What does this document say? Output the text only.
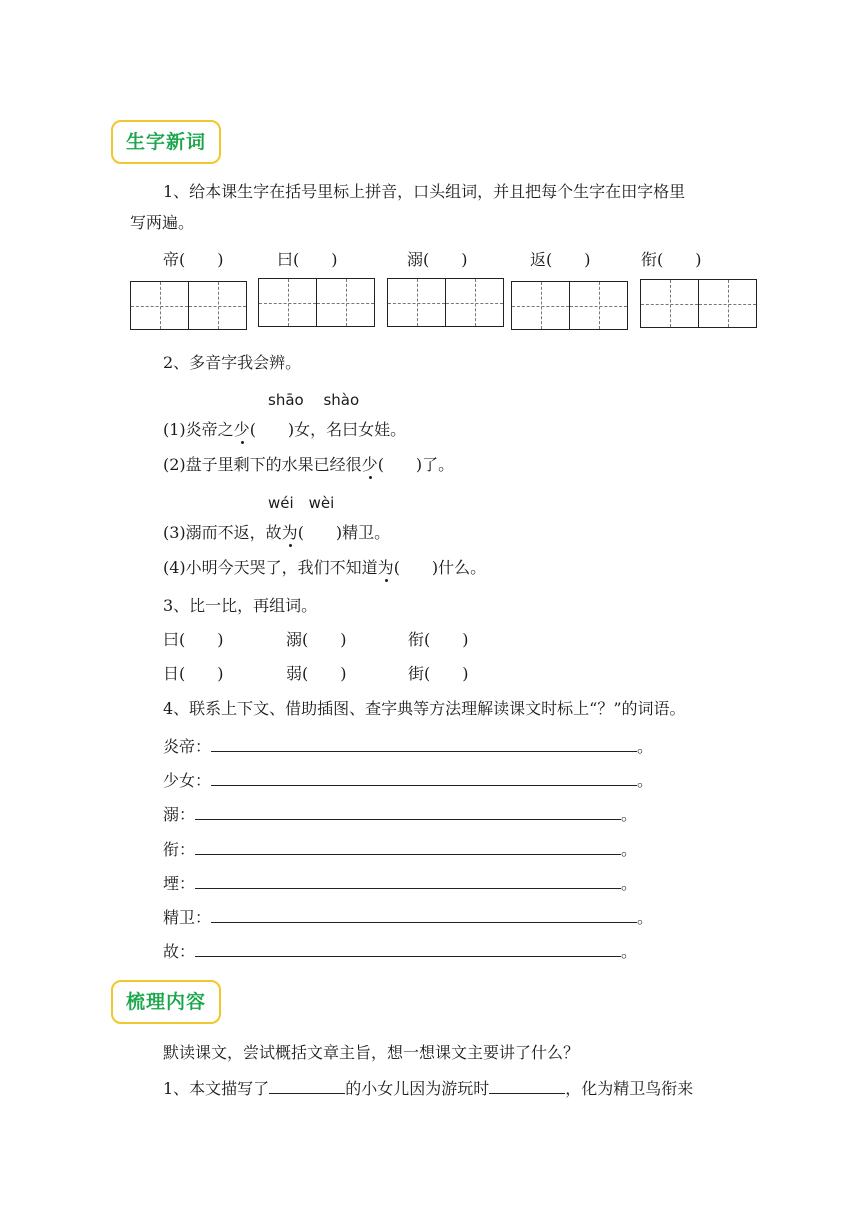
生字新词
1、给本课生字在括号里标上拼音，口头组词，并且把每个生字在田字格里
写两遍。
帝(　　)	曰(　　)	溺(　　)	返(　　)	衔(　　)
2、多音字我会辨。
shāo　 shào
(1)炎帝之少(　　)女，名曰女娃。
(2)盘子里剩下的水果已经很少(　　)了。
wéi　wèi
(3)溺而不返，故为(　　)精卫。
(4)小明今天哭了，我们不知道为(　　)什么。
3、比一比，再组词。
曰(　　)	溺(　　)	衔(　　)
日(　　)	弱(　　)	街(　　)
4、联系上下文、借助插图、查字典等方法理解读课文时标上“？”的词语。
炎帝：	。
少女：	。
溺：	。
衔：	。
堙：	。
精卫：	。
故：	。
梳理内容
默读课文，尝试概括文章主旨，想一想课文主要讲了什么？
1、本文描写了	的小女儿因为游玩时	，化为精卫鸟衔来
